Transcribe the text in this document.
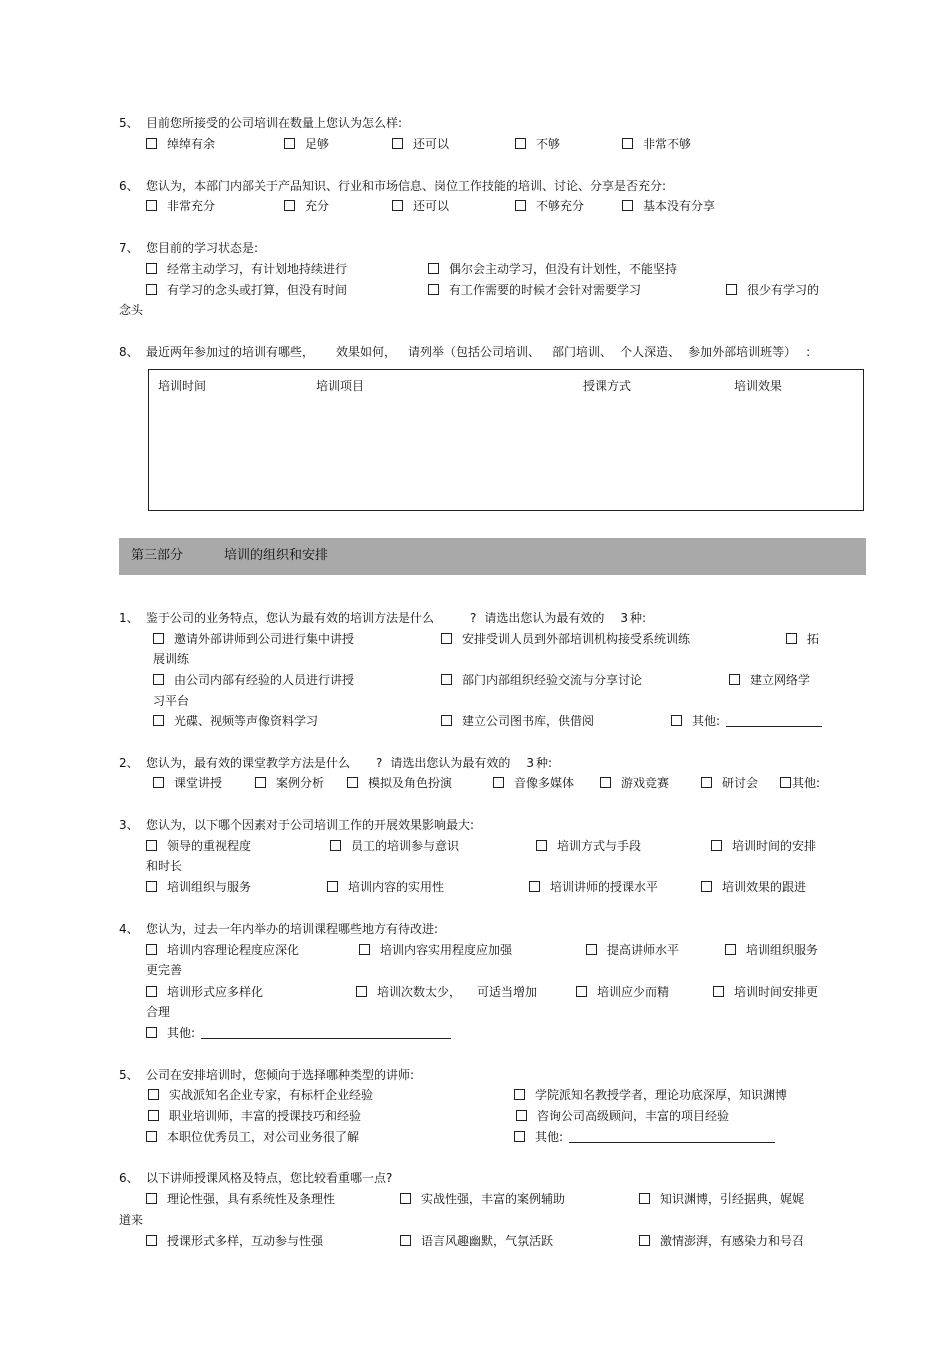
5、 目前您所接受的公司培训在数量上您认为怎么样:
绰绰有余	足够	还可以	不够	非常不够
6、 您认为，本部门内部关于产品知识、行业和市场信息、岗位工作技能的培训、讨论、分享是否充分:
非常充分	充分	还可以	不够充分	基本没有分享
7、 您目前的学习状态是:
经常主动学习，有计划地持续进行	偶尔会主动学习，但没有计划性，不能坚持
有学习的念头或打算，但没有时间	有工作需要的时候才会针对需要学习	很少有学习的
念头
8、 最近两年参加过的培训有哪些， 效果如何， 请列举（包括公司培训、 部门培训、 个人深造、 参加外部培训班等） :
培训时间	培训项目	授课方式	培训效果
第三部分	培训的组织和安排
1、 鉴于公司的业务特点，您认为最有效的培训方法是什么	? 请选出您认为最有效的 3 种:
邀请外部讲师到公司进行集中讲授	安排受训人员到外部培训机构接受系统训练	拓
展训练
由公司内部有经验的人员进行讲授	部门内部组织经验交流与分享讨论	建立网络学
习平台
光碟、视频等声像资料学习	建立公司图书库，供借阅	其他:
2、 您认为，最有效的课堂教学方法是什么 ? 请选出您认为最有效的 3 种:
课堂讲授	案例分析	模拟及角色扮演	音像多媒体	游戏竞赛	研讨会	其他:
3、 您认为，以下哪个因素对于公司培训工作的开展效果影响最大:
领导的重视程度	员工的培训参与意识	培训方式与手段	培训时间的安排
和时长
培训组织与服务	培训内容的实用性	培训讲师的授课水平	培训效果的跟进
4、 您认为，过去一年内举办的培训课程哪些地方有待改进:
培训内容理论程度应深化	培训内容实用程度应加强	提高讲师水平	培训组织服务
更完善
培训形式应多样化	培训次数太少， 可适当增加	培训应少而精	培训时间安排更
合理
其他:
5、 公司在安排培训时，您倾向于选择哪种类型的讲师:
实战派知名企业专家，有标杆企业经验	学院派知名教授学者，理论功底深厚，知识渊博
职业培训师，丰富的授课技巧和经验	咨询公司高级顾问，丰富的项目经验
本职位优秀员工，对公司业务很了解	其他:
6、 以下讲师授课风格及特点，您比较看重哪一点?
理论性强，具有系统性及条理性	实战性强，丰富的案例辅助	知识渊博，引经据典，娓娓
道来
授课形式多样，互动参与性强	语言风趣幽默，气氛活跃	激情澎湃，有感染力和号召
